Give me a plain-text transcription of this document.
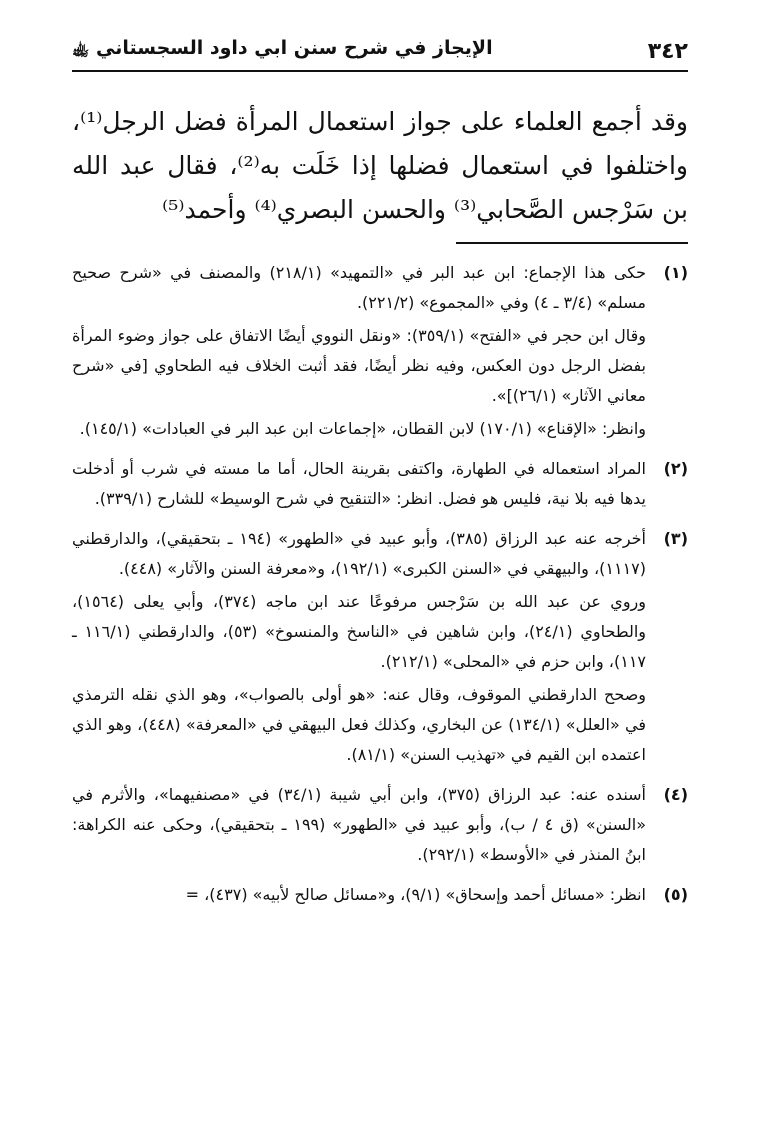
٣٤٢
الإيجاز في شرح سنن ابي داود السجستاني ﵀

وقد أجمع العلماء على جواز استعمال المرأة فضل الرجل⁽¹⁾، واختلفوا في استعمال فضلها إذا خَلَت به⁽²⁾، فقال عبد الله بن سَرْجس الصَّحابي⁽³⁾ والحسن البصري⁽⁴⁾ وأحمد⁽⁵⁾

(١)

حكى هذا الإجماع: ابن عبد البر في «التمهيد» (٢١٨/١) والمصنف في «شرح صحيح مسلم» (٣/٤ ـ ٤) وفي «المجموع» (٢٢١/٢).

وقال ابن حجر في «الفتح» (٣٥٩/١): «ونقل النووي أيضًا الاتفاق على جواز وضوء المرأة بفضل الرجل دون العكس، وفيه نظر أيضًا، فقد أثبت الخلاف فيه الطحاوي [في «شرح معاني الآثار» (٢٦/١)]».

وانظر: «الإقناع» (١٧٠/١) لابن القطان، «إجماعات ابن عبد البر في العبادات» (١٤٥/١).

(٢)

المراد استعماله في الطهارة، واكتفى بقرينة الحال، أما ما مسته في شرب أو أدخلت يدها فيه بلا نية، فليس هو فضل. انظر: «التنقيح في شرح الوسيط» للشارح (٣٣٩/١).

(٣)

أخرجه عنه عبد الرزاق (٣٨٥)، وأبو عبيد في «الطهور» (١٩٤ ـ بتحقيقي)، والدارقطني (١١١٧)، والبيهقي في «السنن الكبرى» (١٩٢/١)، و«معرفة السنن والآثار» (٤٤٨).

وروي عن عبد الله بن سَرْجس مرفوعًا عند ابن ماجه (٣٧٤)، وأبي يعلى (١٥٦٤)، والطحاوي (٢٤/١)، وابن شاهين في «الناسخ والمنسوخ» (٥٣)، والدارقطني (١١٦/١ ـ ١١٧)، وابن حزم في «المحلى» (٢١٢/١).

وصحح الدارقطني الموقوف، وقال عنه: «هو أولى بالصواب»، وهو الذي نقله الترمذي في «العلل» (١٣٤/١) عن البخاري، وكذلك فعل البيهقي في «المعرفة» (٤٤٨)، وهو الذي اعتمده ابن القيم في «تهذيب السنن» (٨١/١).

(٤)

أسنده عنه: عبد الرزاق (٣٧٥)، وابن أبي شيبة (٣٤/١) في «مصنفيهما»، والأثرم في «السنن» (ق ٤ / ب)، وأبو عبيد في «الطهور» (١٩٩ ـ بتحقيقي)، وحكى عنه الكراهة: ابنُ المنذر في «الأوسط» (٢٩٢/١).

(٥)

انظر: «مسائل أحمد وإسحاق» (٩/١)، و«مسائل صالح لأبيه» (٤٣٧)، =
